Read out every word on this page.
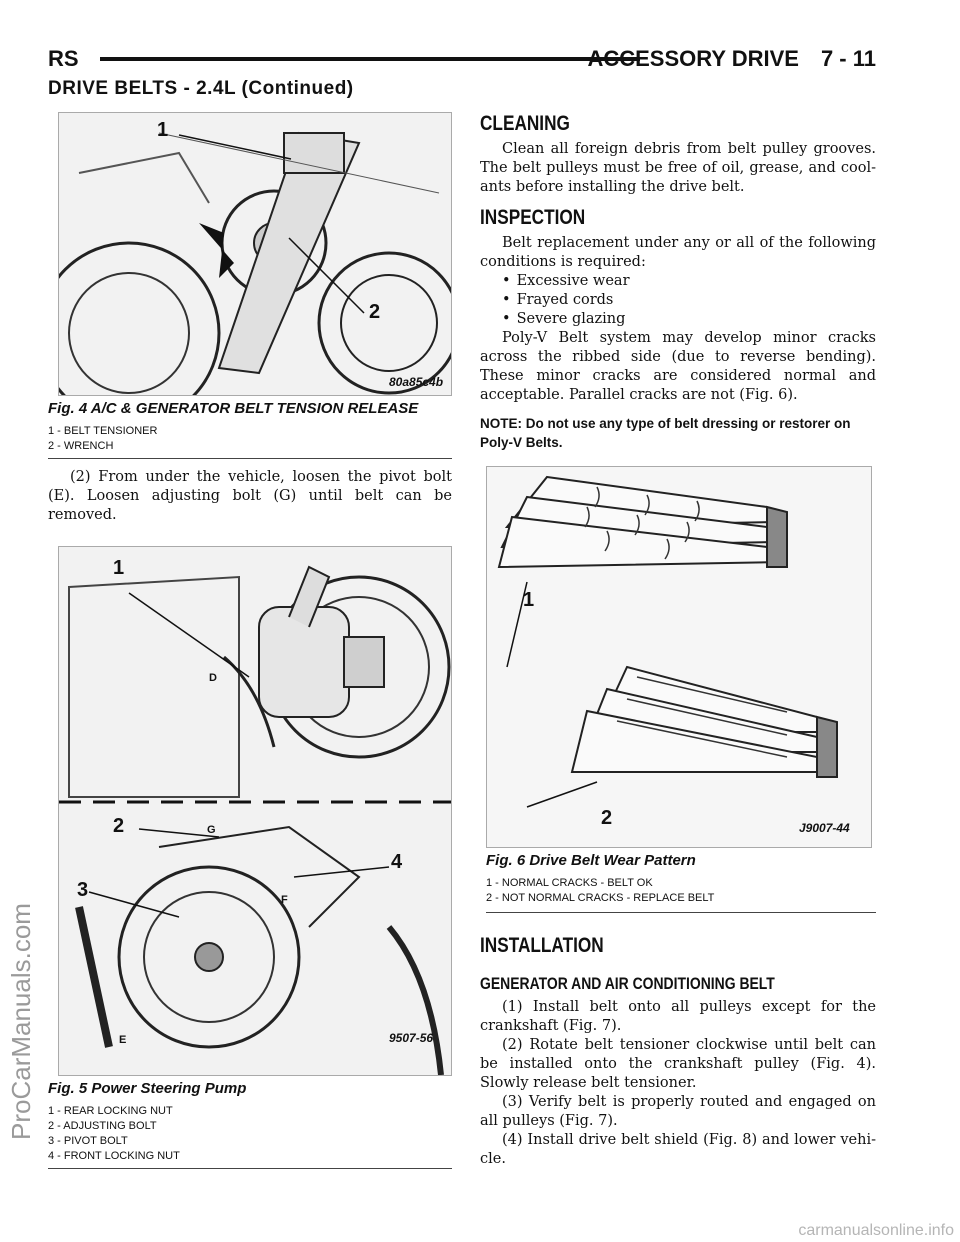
RS	ACCESSORY DRIVE 7 - 11
DRIVE BELTS - 2.4L (Continued)
ProCarManuals.com
1
2
80a85c4b
Fig. 4 A/C & GENERATOR BELT TENSION RELEASE
1 - BELT TENSIONER
2 - WRENCH

(2) From under the vehicle, loosen the pivot bolt (E). Loosen adjusting bolt (G) until belt can be removed.

1
2
3
4
D
G
F
E	9507-56
Fig. 5 Power Steering Pump
1 - REAR LOCKING NUT
2 - ADJUSTING BOLT
3 - PIVOT BOLT
4 - FRONT LOCKING NUT
CLEANING

Clean all foreign debris from belt pulley grooves. The belt pulleys must be free of oil, grease, and cool-ants before installing the drive belt.

INSPECTION

Belt replacement under any or all of the following conditions is required:

• Excessive wear

• Frayed cords

• Severe glazing

Poly-V Belt system may develop minor cracks across the ribbed side (due to reverse bending). These minor cracks are considered normal and acceptable. Parallel cracks are not (Fig. 6).

NOTE: Do not use any type of belt dressing or restorer on Poly-V Belts.
1
2	J9007-44
Fig. 6 Drive Belt Wear Pattern
1 - NORMAL CRACKS - BELT OK
2 - NOT NORMAL CRACKS - REPLACE BELT
INSTALLATION
GENERATOR AND AIR CONDITIONING BELT

(1) Install belt onto all pulleys except for the crankshaft (Fig. 7).

(2) Rotate belt tensioner clockwise until belt can be installed onto the crankshaft pulley (Fig. 4). Slowly release belt tensioner.

(3) Verify belt is properly routed and engaged on all pulleys (Fig. 7).

(4) Install drive belt shield (Fig. 8) and lower vehi-cle.

carmanualsonline.info
